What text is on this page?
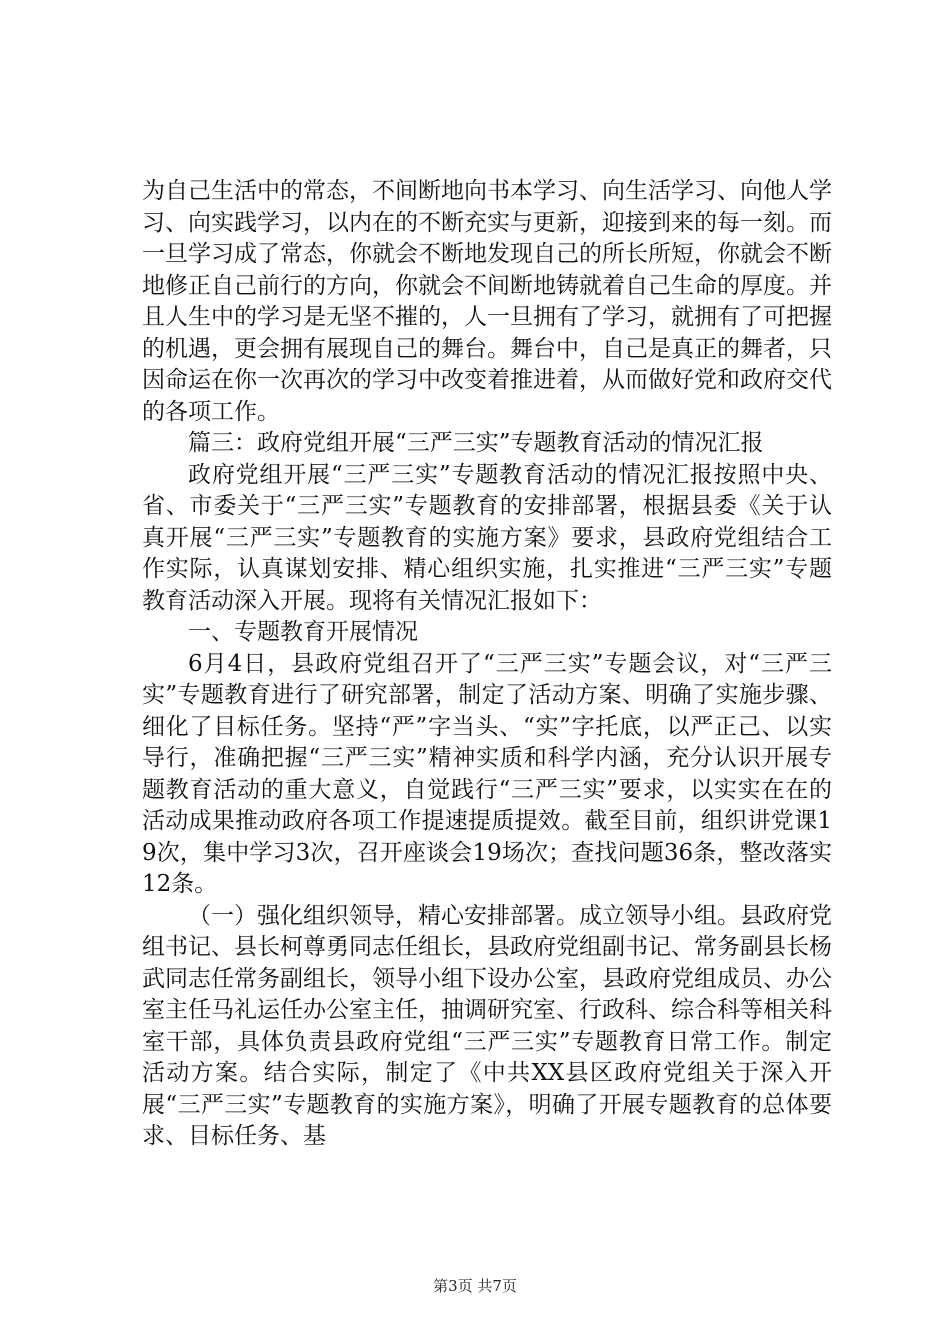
为自己生活中的常态，不间断地向书本学习、向生活学习、向他人学习、向实践学习，以内在的不断充实与更新，迎接到来的每一刻。而一旦学习成了常态，你就会不断地发现自己的所长所短，你就会不断地修正自己前行的方向，你就会不间断地铸就着自己生命的厚度。并且人生中的学习是无坚不摧的，人一旦拥有了学习，就拥有了可把握的机遇，更会拥有展现自己的舞台。舞台中，自己是真正的舞者，只因命运在你一次再次的学习中改变着推进着，从而做好党和政府交代的各项工作。

篇三：政府党组开展“三严三实”专题教育活动的情况汇报

政府党组开展“三严三实”专题教育活动的情况汇报按照中央、省、市委关于“三严三实”专题教育的安排部署，根据县委《关于认真开展“三严三实”专题教育的实施方案》要求，县政府党组结合工作实际，认真谋划安排、精心组织实施，扎实推进“三严三实”专题教育活动深入开展。现将有关情况汇报如下：

一、专题教育开展情况

6月4日，县政府党组召开了“三严三实”专题会议，对“三严三实”专题教育进行了研究部署，制定了活动方案、明确了实施步骤、细化了目标任务。坚持“严”字当头、“实”字托底，以严正己、以实导行，准确把握“三严三实”精神实质和科学内涵，充分认识开展专题教育活动的重大意义，自觉践行“三严三实”要求，以实实在在的活动成果推动政府各项工作提速提质提效。截至目前，组织讲党课19次，集中学习3次，召开座谈会19场次；查找问题36条，整改落实12条。

（一）强化组织领导，精心安排部署。成立领导小组。县政府党组书记、县长柯尊勇同志任组长，县政府党组副书记、常务副县长杨武同志任常务副组长，领导小组下设办公室，县政府党组成员、办公室主任马礼运任办公室主任，抽调研究室、行政科、综合科等相关科室干部，具体负责县政府党组“三严三实”专题教育日常工作。制定活动方案。结合实际，制定了《中共XX县区政府党组关于深入开展“三严三实”专题教育的实施方案》，明确了开展专题教育的总体要求、目标任务、基

第3页 共7页
